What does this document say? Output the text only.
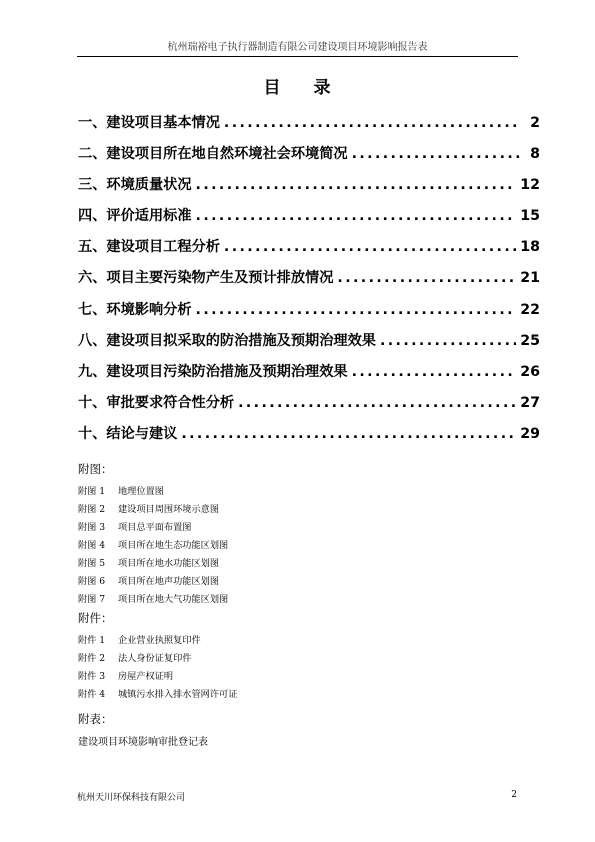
杭州瑞裕电子执行器制造有限公司建设项目环境影响报告表
目 录
一、 建设项目基本情况 .....	2
二、 建设项目所在地自然环境社会环境简况 .....	8
三、 环境质量状况 .....	12
四、 评价适用标准 .....	15
五、 建设项目工程分析 .....	18
六、 项目主要污染物产生及预计排放情况 .....	21
七、 环境影响分析 .....	22
八、 建设项目拟采取的防治措施及预期治理效果 .....	25
九、 建设项目污染防治措施及预期治理效果 .....	26
十、 审批要求符合性分析 .....	27
十、 结论与建议 .....	29
附图：
附图 1	地理位置图
附图 2	建设项目周围环境示意图
附图 3	项目总平面布置图
附图 4	项目所在地生态功能区划图
附图 5	项目所在地水功能区划图
附图 6	项目所在地声功能区划图
附图 7	项目所在地大气功能区划图
附件：
附件 1	企业营业执照复印件
附件 2	法人身份证复印件
附件 3	房屋产权证明
附件 4	城镇污水排入排水管网许可证
附表：
建设项目环境影响审批登记表
杭州天川环保科技有限公司	2
